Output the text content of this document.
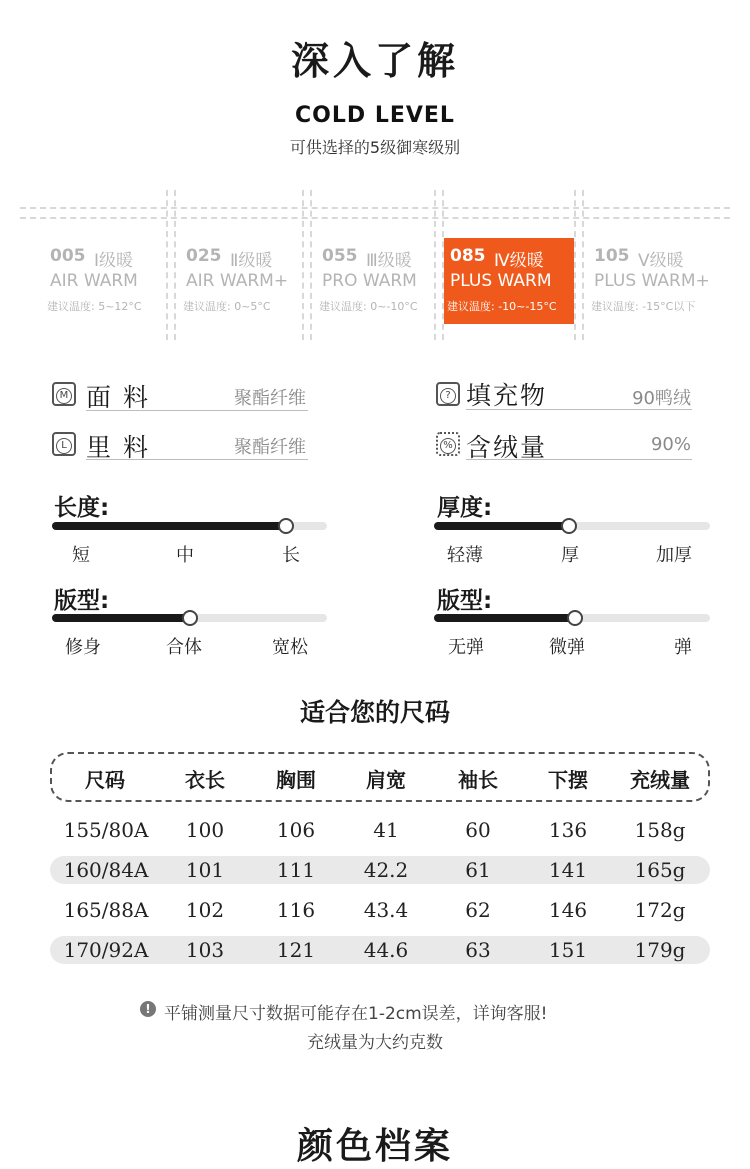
深入了解
COLD LEVEL
可供选择的5级御寒级别
005 Ⅰ级暖
AIR WARM
建议温度: 5~12°C
025 Ⅱ级暖
AIR WARM+
建议温度: 0~5°C
055 Ⅲ级暖
PRO WARM
建议温度: 0~-10°C
085 Ⅳ级暖
PLUS WARM
建议温度: -10~-15°C
105 Ⅴ级暖
PLUS WARM+
建议温度: -15°C以下
M 面 料	聚酯纤维	? 填充物	90鸭绒
L 里 料	聚酯纤维	% 含绒量	90%
长度:
短	中	长
厚度:
轻薄	厚	加厚
版型:
修身	合体	宽松
版型:
无弹	微弹	弹
适合您的尺码
尺码	衣长	胸围	肩宽	袖长	下摆	充绒量
155/80A	100	106	41	60	136	158g
160/84A	101	111	42.2	61	141	165g
165/88A	102	116	43.4	62	146	172g
170/92A	103	121	44.6	63	151	179g
! 平铺测量尺寸数据可能存在1-2cm误差，详询客服!
充绒量为大约克数
颜色档案
